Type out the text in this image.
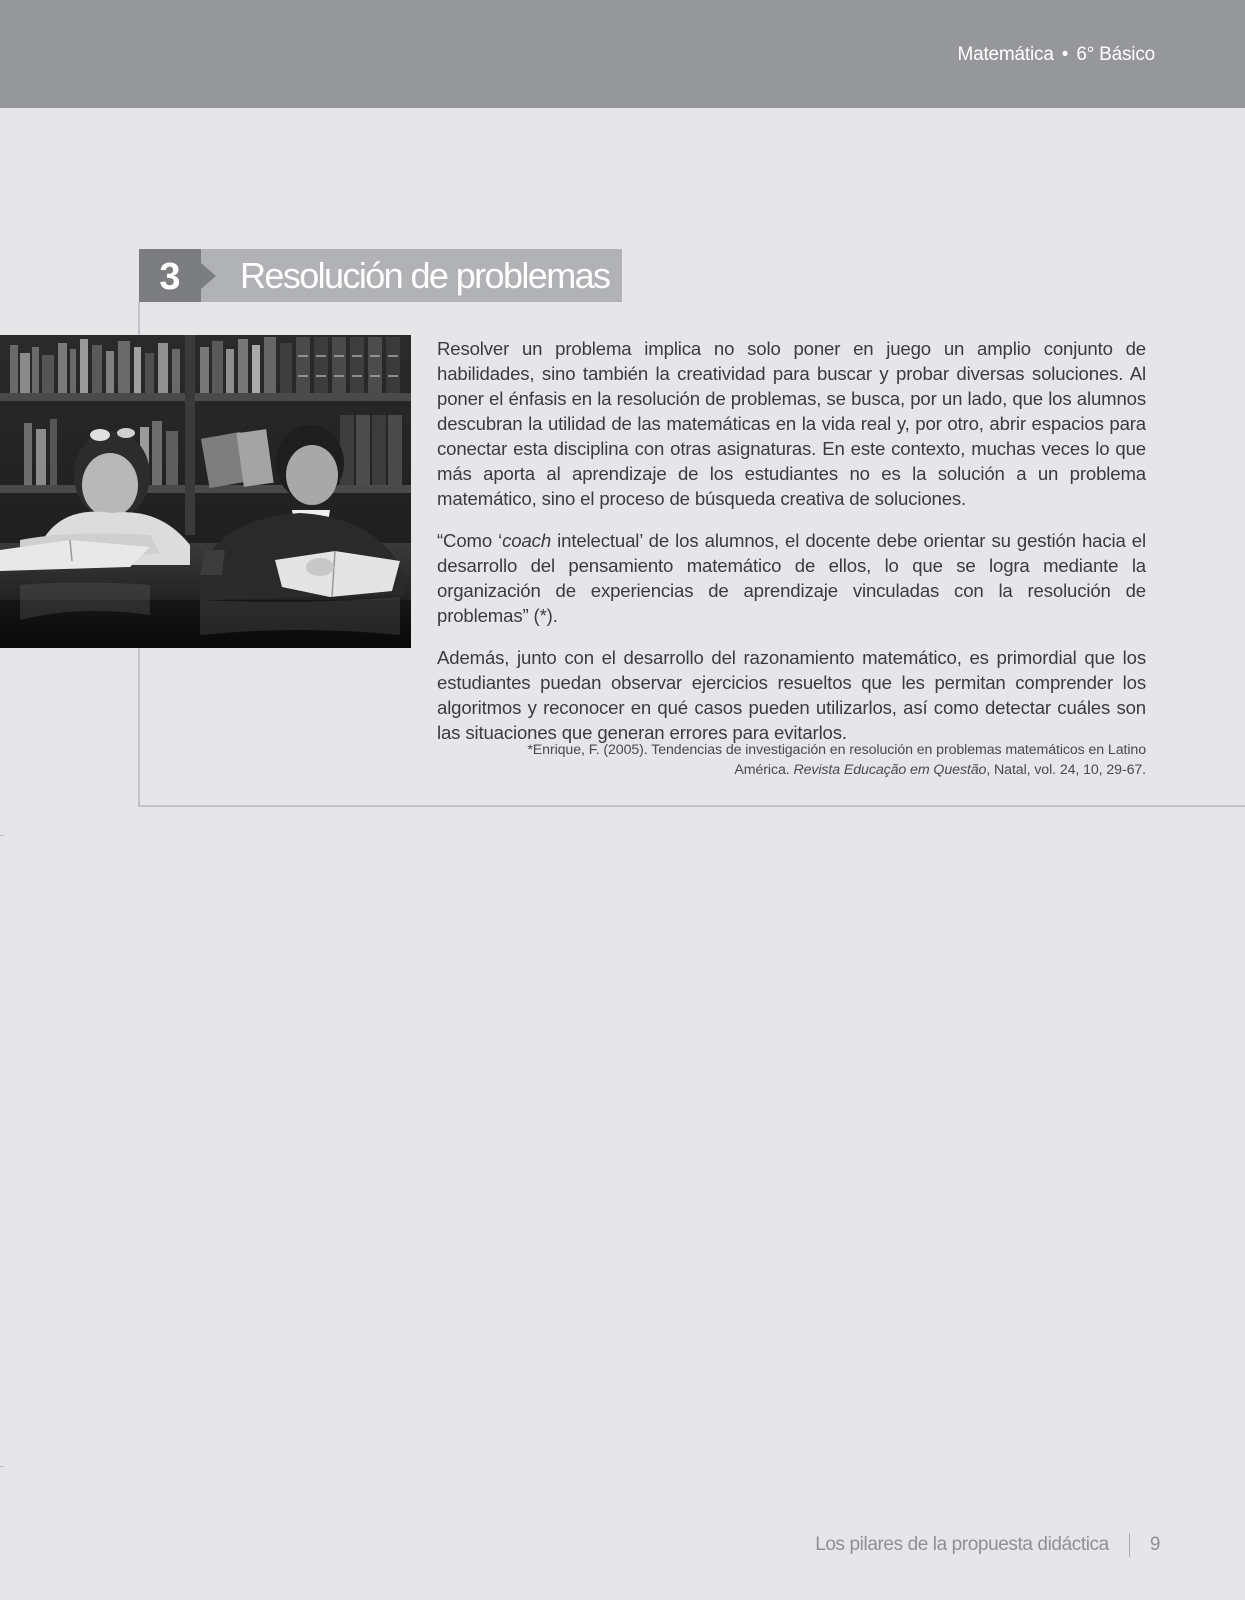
Matemática • 6° Básico
3	Resolución de problemas

Resolver un problema implica no solo poner en juego un amplio conjunto de habilidades, sino también la creatividad para buscar y probar diversas soluciones. Al poner el énfasis en la resolución de problemas, se busca, por un lado, que los alumnos descubran la utilidad de las matemáticas en la vida real y, por otro, abrir espacios para conectar esta disciplina con otras asignaturas. En este contexto, muchas veces lo que más aporta al aprendizaje de los estudiantes no es la solución a un problema matemático, sino el proceso de búsqueda creativa de soluciones.

“Como ‘coach intelectual’ de los alumnos, el docente debe orientar su gestión hacia el desarrollo del pensamiento matemático de ellos, lo que se logra mediante la organización de experiencias de aprendizaje vinculadas con la resolución de problemas” (*).

Además, junto con el desarrollo del razonamiento matemático, es primordial que los estudiantes puedan observar ejercicios resueltos que les permitan comprender los algoritmos y reconocer en qué casos pueden utilizarlos, así como detectar cuáles son las situaciones que generan errores para evitarlos.

*Enrique, F. (2005). Tendencias de investigación en resolución en problemas matemáticos en Latino
América. Revista Educação em Questão, Natal, vol. 24, 10, 29-67.
Los pilares de la propuesta didáctica 9
